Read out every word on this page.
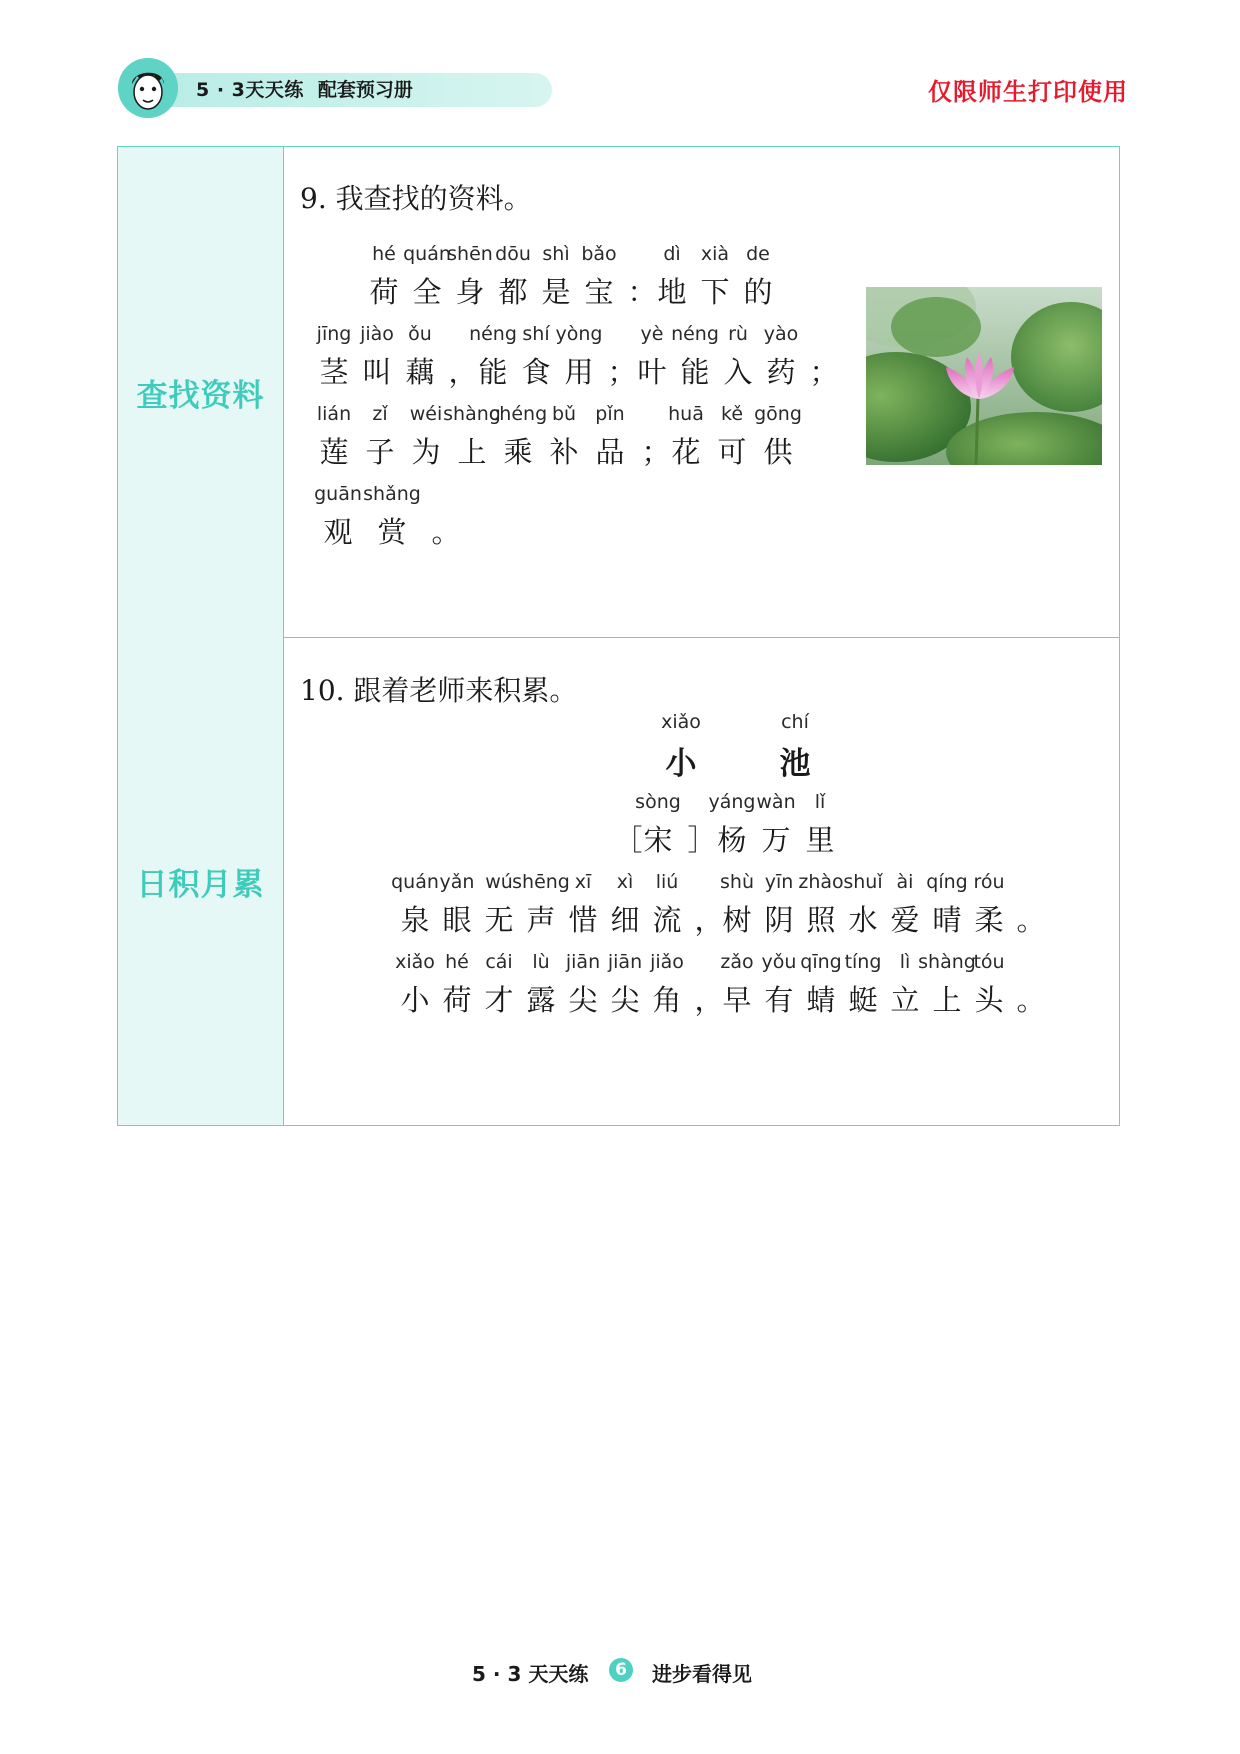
5 · 3天天练 配套预习册	仅限师生打印使用
查找资料
9. 我查找的资料。
hé
荷
quán
全
shēn
身
dōu
都
shì
是
bǎo
宝 ：
dì
地
xià
下
de
的
jīng
茎
jiào
叫
ǒu
藕 ，
néng
能
shí
食
yòng
用 ；
yè
叶
néng
能
rù
入
yào
药 ；
lián
莲
zǐ
子
wéi
为
shàng
上
chéng
乘
bǔ
补
pǐn
品 ；
huā
花
kě
可
gōng
供
guān
观
shǎng
赏 。
日积月累
10. 跟着老师来积累。
xiǎo
小
chí
池
［
sòng
宋 ］
yáng
杨
wàn
万
lǐ
里
quán
泉
yǎn
眼
wú
无
shēng
声
xī
惜
xì
细
liú
流 ，
shù
树
yīn
阴
zhào
照
shuǐ
水
ài
爱
qíng
晴
róu
柔 。
xiǎo
小
hé
荷
cái
才
lù
露
jiān
尖
jiān
尖
jiǎo
角 ，
zǎo
早
yǒu
有
qīng
蜻
tíng
蜓
lì
立
shàng
上
tóu
头 。
5 · 3 天天练	6	进步看得见
